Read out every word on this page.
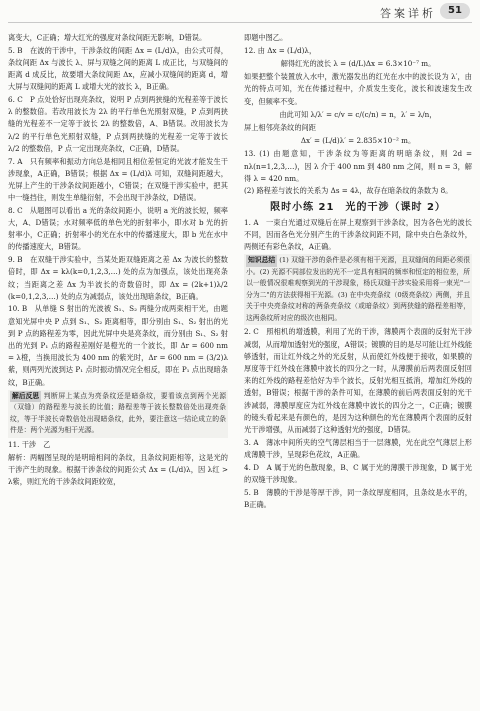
答案详析	51
离变大，C正确；增大红光的强度对条纹间距无影响，D错误。
5. B　在波的干涉中，干涉条纹的间距 Δx = (L/d)λ，由公式可得，条纹间距 Δx 与波长 λ、屏与双缝之间的距离 L 成正比，与双缝间的距离 d 成反比，故要增大条纹间距 Δx，应减小双缝间的距离 d，增大屏与双缝间的距离 L 或增大光的波长 λ，B正确。
6. C　P 点处恰好出现亮条纹，说明 P 点到两狭缝的光程差等于波长 λ 的整数倍。若改用波长为 2λ 的平行单色光照射双缝，P 点到两狭缝的光程差不一定等于波长 2λ 的整数倍，A、B错误。改用波长为 λ/2 的平行单色光照射双缝，P 点到两狭缝的光程差一定等于波长 λ/2 的整数倍，P 点一定出现亮条纹，C正确，D错误。
7. A　只有频率和振动方向总是相同且相位差恒定的光波才能发生干涉现象，A正确，B错误；根据 Δx = (L/d)λ 可知，双缝间距越大，光屏上产生的干涉条纹间距越小，C错误；在双缝干涉实验中，把其中一缝挡住，则发生单缝衍射，不会出现干涉条纹，D错误。
8. C　从题图可以看出 a 光的条纹间距小，说明 a 光的波长短，频率大，A、D错误；水对频率低的单色光的折射率小，即水对 b 光的折射率小，C正确；折射率小的光在水中的传播速度大，即 b 光在水中的传播速度大，B错误。
9. B　在双缝干涉实验中，当某处距双缝距离之差 Δx 为波长的整数倍时，即 Δx = kλ(k=0,1,2,3,…) 处的点为加强点，该处出现亮条纹；当距离之差 Δx 为半波长的奇数倍时，即 Δx = (2k+1)λ/2 (k=0,1,2,3,…) 处的点为减弱点，该处出现暗条纹，B正确。
10. B　从单缝 S 射出的光波被 S₁、S₂ 两缝分成两束相干光，由题意知光屏中央 P 点到 S₁、S₂ 距离相等，即分别由 S₁、S₂ 射出的光到 P 点的路程差为零，因此光屏中央是亮条纹，而分别由 S₁、S₂ 射出的光到 P₁ 点的路程差刚好是橙光的一个波长，即 Δr = 600 nm = λ橙，当换用波长为 400 nm 的紫光时，Δr = 600 nm = (3/2)λ紫，则两列光波到达 P₁ 点时振动情况完全相反，即在 P₁ 点出现暗条纹，B正确。
解后反思 判断屏上某点为亮条纹还是暗条纹，要看该点到两个光源（双缝）的路程差与波长的比值；路程差等于波长整数倍处出现亮条纹，等于半波长奇数倍处出现暗条纹，此外，要注意这一结论成立的条件是：两个光源为相干光源。
11. 干涉　乙
解析：两幅图呈现的是明暗相间的条纹，且条纹间距相等，这是光的干涉产生的现象。根据干涉条纹的间距公式 Δx = (L/d)λ，因 λ红 > λ紫，则红光的干涉条纹间距较宽，
即题中图乙。
12. 由 Δx = (L/d)λ，
解得红光的波长 λ = (d/L)Δx = 6.3×10⁻⁷ m。
如果把整个装置放入水中，激光器发出的红光在水中的波长设为 λ′，由光的特点可知，光在传播过程中，介质发生变化，波长和波速发生改变，但频率不变。
由此可知 λ/λ′ = c/v = c/(c/n) = n，λ′ = λ/n，
屏上相邻亮条纹的间距
Δx′ = (L/d)λ′ = 2.835×10⁻² m。
13. (1) 由题意知，干涉条纹为等距离的明暗条纹，则 2d = nλ(n=1,2,3,…)，因 λ 介于 400 nm 到 480 nm 之间，则 n = 3，解得 λ = 420 nm。
(2) 路程差与波长的关系为 Δs = 4λ，故存在暗条纹的条数为 8。
限时小练 21　光的干涉（课时 2）
1. A　一束白光通过双缝后在屏上观察到干涉条纹，因为各色光的波长不同，因而各色光分别产生的干涉条纹间距不同，除中央白色条纹外，两侧还有彩色条纹，A正确。
知识总结 (1) 双缝干涉的条件是必须有相干光源，且双缝间的间距必须很小。(2) 光源不同部位发出的光不一定具有相同的频率和恒定的相位差，所以一般情况很难观察到光的干涉现象，杨氏双缝干涉实验采用将一束光"一分为二"的方法获得相干光源。(3) 在中央亮条纹（0级亮条纹）两侧，并且关于中央亮条纹对称的两条亮条纹（或暗条纹）到两狭缝的路程差相等，这两条纹所对应的级次也相同。
2. C　照相机的增透膜，利用了光的干涉，薄膜两个表面的反射光干涉减弱，从而增加透射光的强度，A错误；镀膜的目的是尽可能让红外线能够透射，而让红外线之外的光反射，从而使红外线便于接收，如果膜的厚度等于红外线在薄膜中波长的四分之一时，从薄膜前后两表面反射回来的红外线的路程差恰好为半个波长，反射光相互抵消，增加红外线的透射，B错误；根据干涉的条件可知，在薄膜的前后两表面反射的光干涉减弱，薄膜厚度应为红外线在薄膜中波长的四分之一，C正确；镀膜的镜头看起来是有颜色的，是因为这种颜色的光在薄膜两个表面的反射光干涉增强，从而减弱了这种透射光的强度，D错误。
3. A　薄冰中间所夹的空气薄层相当于一层薄膜，光在此空气薄层上形成薄膜干涉，呈现彩色花纹，A正确。
4. D　A 属于光的色散现象，B、C 属于光的薄膜干涉现象，D 属于光的双缝干涉现象。
5. B　薄膜的干涉是等厚干涉，同一条纹厚度相同，且条纹是水平的，B正确。
